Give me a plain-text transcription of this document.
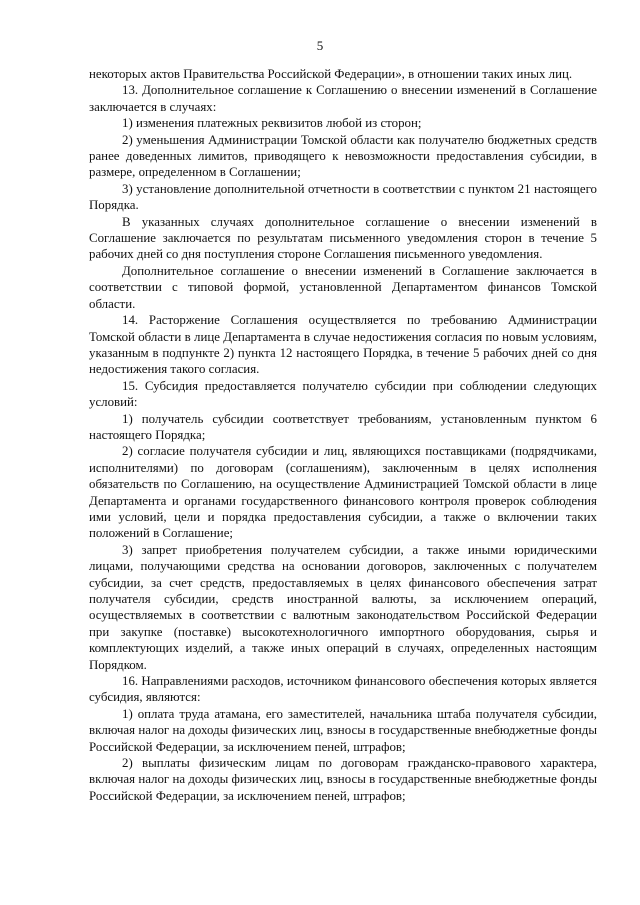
5

некоторых актов Правительства Российской Федерации», в отношении таких иных лиц.

13. Дополнительное соглашение к Соглашению о внесении изменений в Соглашение заключается в случаях:

1) изменения платежных реквизитов любой из сторон;

2) уменьшения Администрации Томской области как получателю бюджетных средств ранее доведенных лимитов, приводящего к невозможности предоставления субсидии, в размере, определенном в Соглашении;

3) установление дополнительной отчетности в соответствии с пунктом 21 настоящего Порядка.

В указанных случаях дополнительное соглашение о внесении изменений в Соглашение заключается по результатам письменного уведомления сторон в течение 5 рабочих дней со дня поступления стороне Соглашения письменного уведомления.

Дополнительное соглашение о внесении изменений в Соглашение заключается в соответствии с типовой формой, установленной Департаментом финансов Томской области.

14. Расторжение Соглашения осуществляется по требованию Администрации Томской области в лице Департамента в случае недостижения согласия по новым условиям, указанным в подпункте 2) пункта 12 настоящего Порядка, в течение 5 рабочих дней со дня недостижения такого согласия.

15. Субсидия предоставляется получателю субсидии при соблюдении следующих условий:

1) получатель субсидии соответствует требованиям, установленным пунктом 6 настоящего Порядка;

2) согласие получателя субсидии и лиц, являющихся поставщиками (подрядчиками, исполнителями) по договорам (соглашениям), заключенным в целях исполнения обязательств по Соглашению, на осуществление Администрацией Томской области в лице Департамента и органами государственного финансового контроля проверок соблюдения ими условий, цели и порядка предоставления субсидии, а также о включении таких положений в Соглашение;

3) запрет приобретения получателем субсидии, а также иными юридическими лицами, получающими средства на основании договоров, заключенных с получателем субсидии, за счет средств, предоставляемых в целях финансового обеспечения затрат получателя субсидии, средств иностранной валюты, за исключением операций, осуществляемых в соответствии с валютным законодательством Российской Федерации при закупке (поставке) высокотехнологичного импортного оборудования, сырья и комплектующих изделий, а также иных операций в случаях, определенных настоящим Порядком.

16. Направлениями расходов, источником финансового обеспечения которых является субсидия, являются:

1) оплата труда атамана, его заместителей, начальника штаба получателя субсидии, включая налог на доходы физических лиц, взносы в государственные внебюджетные фонды Российской Федерации, за исключением пеней, штрафов;

2) выплаты физическим лицам по договорам гражданско-правового характера, включая налог на доходы физических лиц, взносы в государственные внебюджетные фонды Российской Федерации, за исключением пеней, штрафов;
